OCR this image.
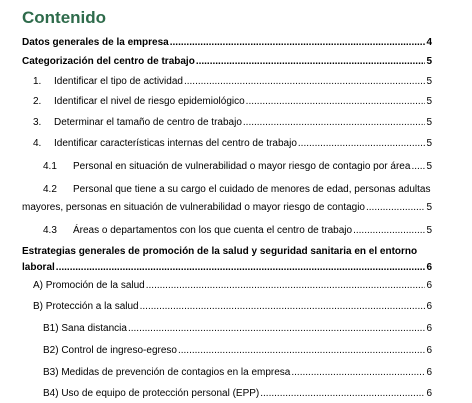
Contenido
Datos generales de la empresa .....	4
Categorización del centro de trabajo .....	5
1.	Identificar el tipo de actividad .....	5
2.	Identificar el nivel de riesgo epidemiológico .....	5
3.	Determinar el tamaño de centro de trabajo .....	5
4.	Identificar características internas del centro de trabajo .....	5
4.1	Personal en situación de vulnerabilidad o mayor riesgo de contagio por área ..... 5
4.2 Personal que tiene a su cargo el cuidado de menores de edad, personas adultas
mayores, personas en situación de vulnerabilidad o mayor riesgo de contagio .....	5
4.3	Áreas o departamentos con los que cuenta el centro de trabajo .....	5
Estrategias generales de promoción de la salud y seguridad sanitaria en el entorno
laboral .....	6
A) Promoción de la salud .....	6
B) Protección a la salud .....	6
B1) Sana distancia .....	6
B2) Control de ingreso-egreso .....	6
B3) Medidas de prevención de contagios en la empresa .....	6
B4) Uso de equipo de protección personal (EPP) .....	6
